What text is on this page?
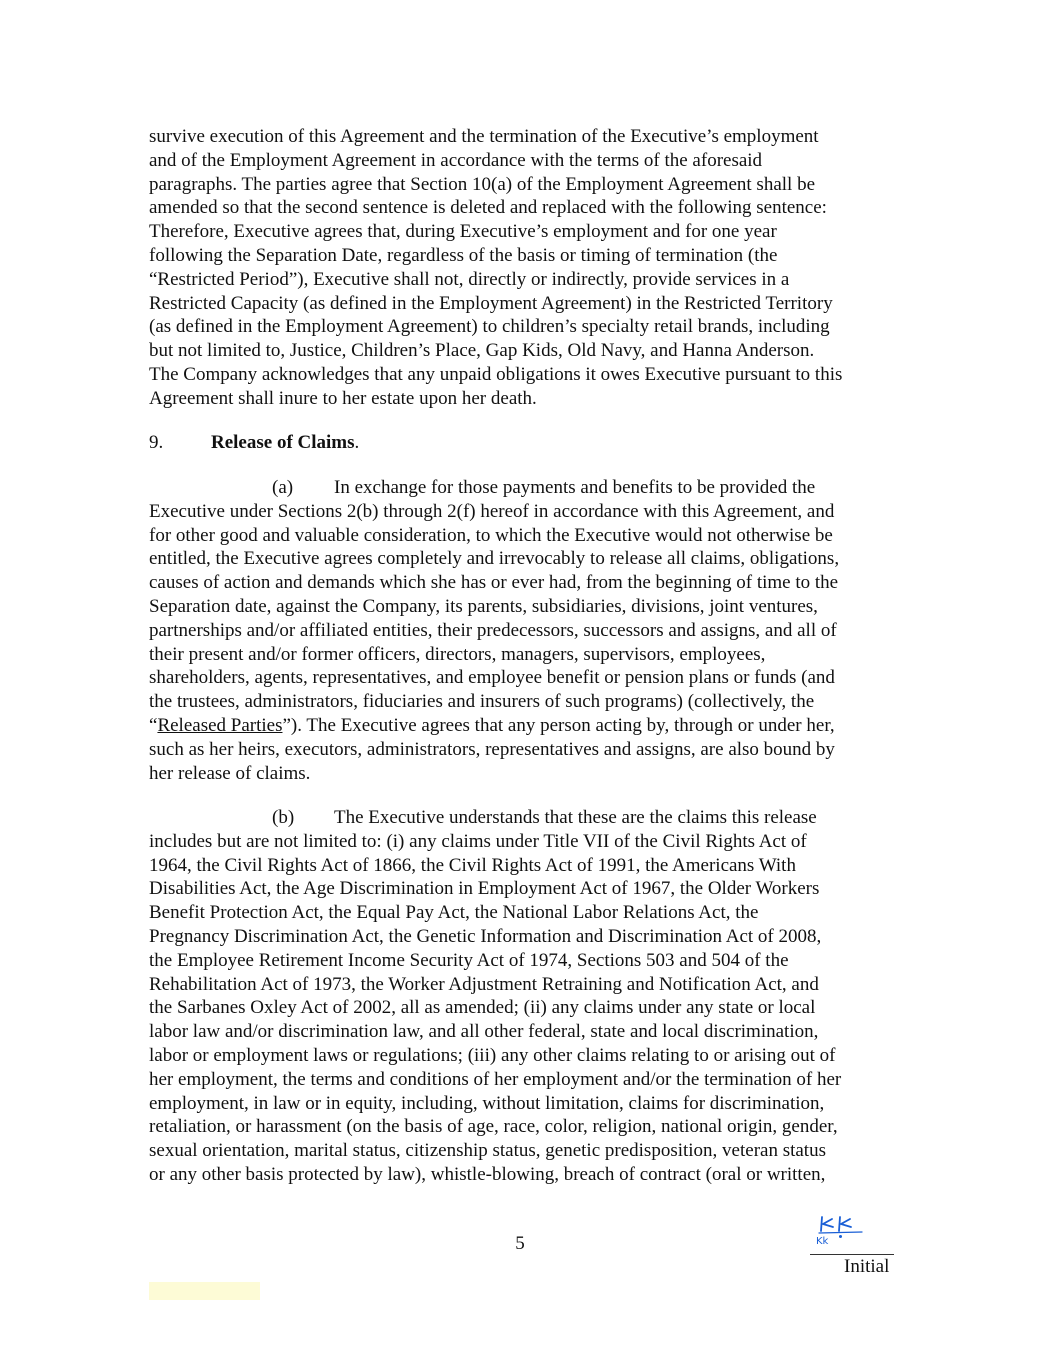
survive execution of this Agreement and the termination of the Executive’s employment
and of the Employment Agreement in accordance with the terms of the aforesaid
paragraphs. The parties agree that Section 10(a) of the Employment Agreement shall be
amended so that the second sentence is deleted and replaced with the following sentence:
Therefore, Executive agrees that, during Executive’s employment and for one year
following the Separation Date, regardless of the basis or timing of termination (the
“Restricted Period”), Executive shall not, directly or indirectly, provide services in a
Restricted Capacity (as defined in the Employment Agreement) in the Restricted Territory
(as defined in the Employment Agreement) to children’s specialty retail brands, including
but not limited to, Justice, Children’s Place, Gap Kids, Old Navy, and Hanna Anderson.
The Company acknowledges that any unpaid obligations it owes Executive pursuant to this
Agreement shall inure to her estate upon her death.
9.	Release of Claims.
(a) In exchange for those payments and benefits to be provided the
Executive under Sections 2(b) through 2(f) hereof in accordance with this Agreement, and
for other good and valuable consideration, to which the Executive would not otherwise be
entitled, the Executive agrees completely and irrevocably to release all claims, obligations,
causes of action and demands which she has or ever had, from the beginning of time to the
Separation date, against the Company, its parents, subsidiaries, divisions, joint ventures,
partnerships and/or affiliated entities, their predecessors, successors and assigns, and all of
their present and/or former officers, directors, managers, supervisors, employees,
shareholders, agents, representatives, and employee benefit or pension plans or funds (and
the trustees, administrators, fiduciaries and insurers of such programs) (collectively, the
“Released Parties”). The Executive agrees that any person acting by, through or under her,
such as her heirs, executors, administrators, representatives and assigns, are also bound by
her release of claims.
(b) The Executive understands that these are the claims this release
includes but are not limited to: (i) any claims under Title VII of the Civil Rights Act of
1964, the Civil Rights Act of 1866, the Civil Rights Act of 1991, the Americans With
Disabilities Act, the Age Discrimination in Employment Act of 1967, the Older Workers
Benefit Protection Act, the Equal Pay Act, the National Labor Relations Act, the
Pregnancy Discrimination Act, the Genetic Information and Discrimination Act of 2008,
the Employee Retirement Income Security Act of 1974, Sections 503 and 504 of the
Rehabilitation Act of 1973, the Worker Adjustment Retraining and Notification Act, and
the Sarbanes Oxley Act of 2002, all as amended; (ii) any claims under any state or local
labor law and/or discrimination law, and all other federal, state and local discrimination,
labor or employment laws or regulations; (iii) any other claims relating to or arising out of
her employment, the terms and conditions of her employment and/or the termination of her
employment, in law or in equity, including, without limitation, claims for discrimination,
retaliation, or harassment (on the basis of age, race, color, religion, national origin, gender,
sexual orientation, marital status, citizenship status, genetic predisposition, veteran status
or any other basis protected by law), whistle-blowing, breach of contract (oral or written,
5	Kk
Initial
